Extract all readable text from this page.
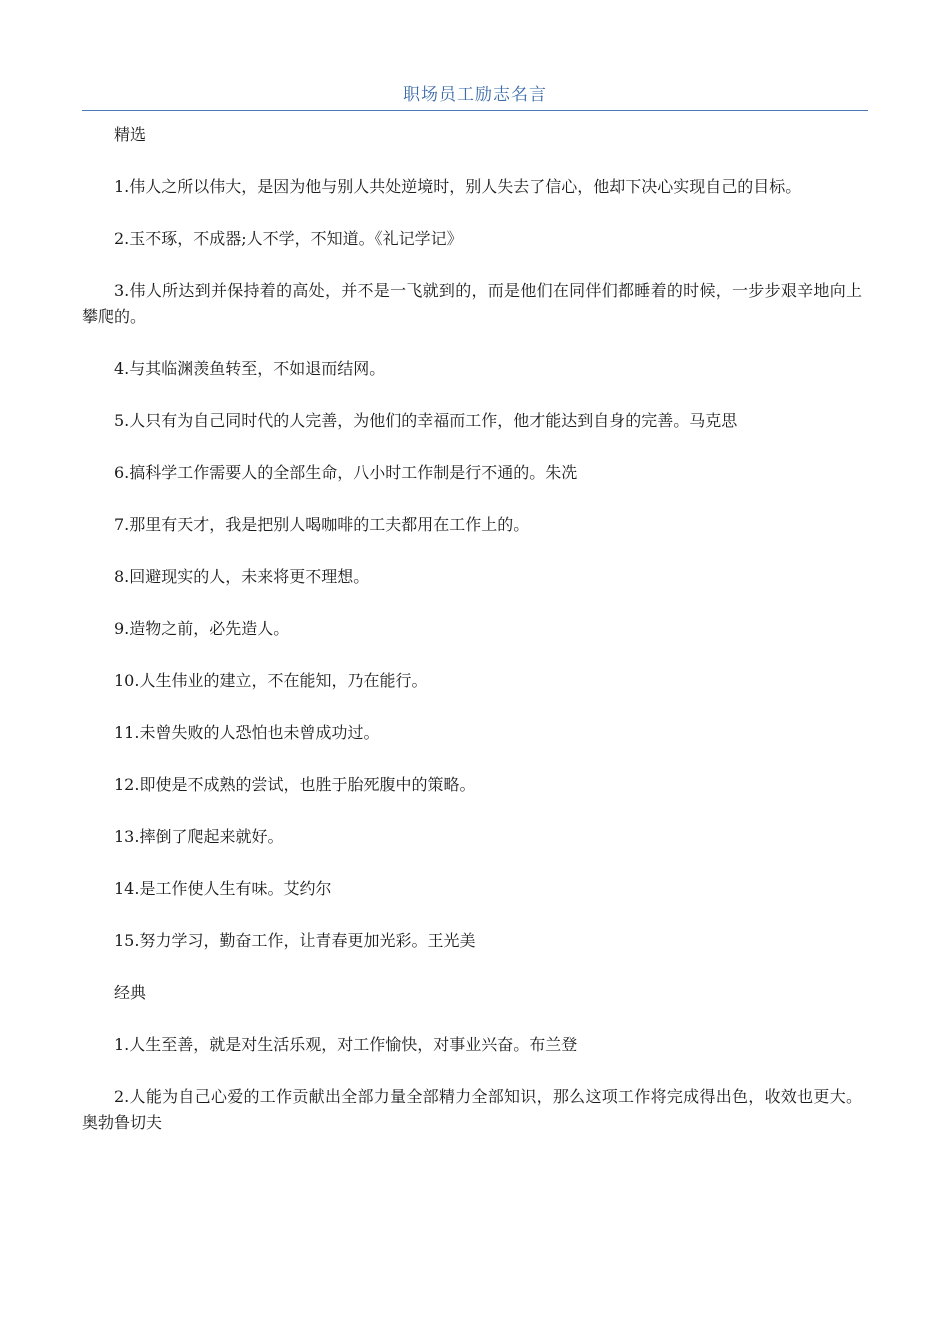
职场员工励志名言

精选

1.伟人之所以伟大，是因为他与别人共处逆境时，别人失去了信心，他却下决心实现自己的目标。

2.玉不琢，不成器;人不学，不知道。《礼记学记》

3.伟人所达到并保持着的高处，并不是一飞就到的，而是他们在同伴们都睡着的时候，一步步艰辛地向上攀爬的。

4.与其临渊羡鱼转至，不如退而结网。

5.人只有为自己同时代的人完善，为他们的幸福而工作，他才能达到自身的完善。马克思

6.搞科学工作需要人的全部生命，八小时工作制是行不通的。朱冼

7.那里有天才，我是把别人喝咖啡的工夫都用在工作上的。

8.回避现实的人，未来将更不理想。

9.造物之前，必先造人。

10.人生伟业的建立，不在能知，乃在能行。

11.未曾失败的人恐怕也未曾成功过。

12.即使是不成熟的尝试，也胜于胎死腹中的策略。

13.摔倒了爬起来就好。

14.是工作使人生有味。艾约尔

15.努力学习，勤奋工作，让青春更加光彩。王光美

经典

1.人生至善，就是对生活乐观，对工作愉快，对事业兴奋。布兰登

2.人能为自己心爱的工作贡献出全部力量全部精力全部知识，那么这项工作将完成得出色，收效也更大。奥勃鲁切夫
